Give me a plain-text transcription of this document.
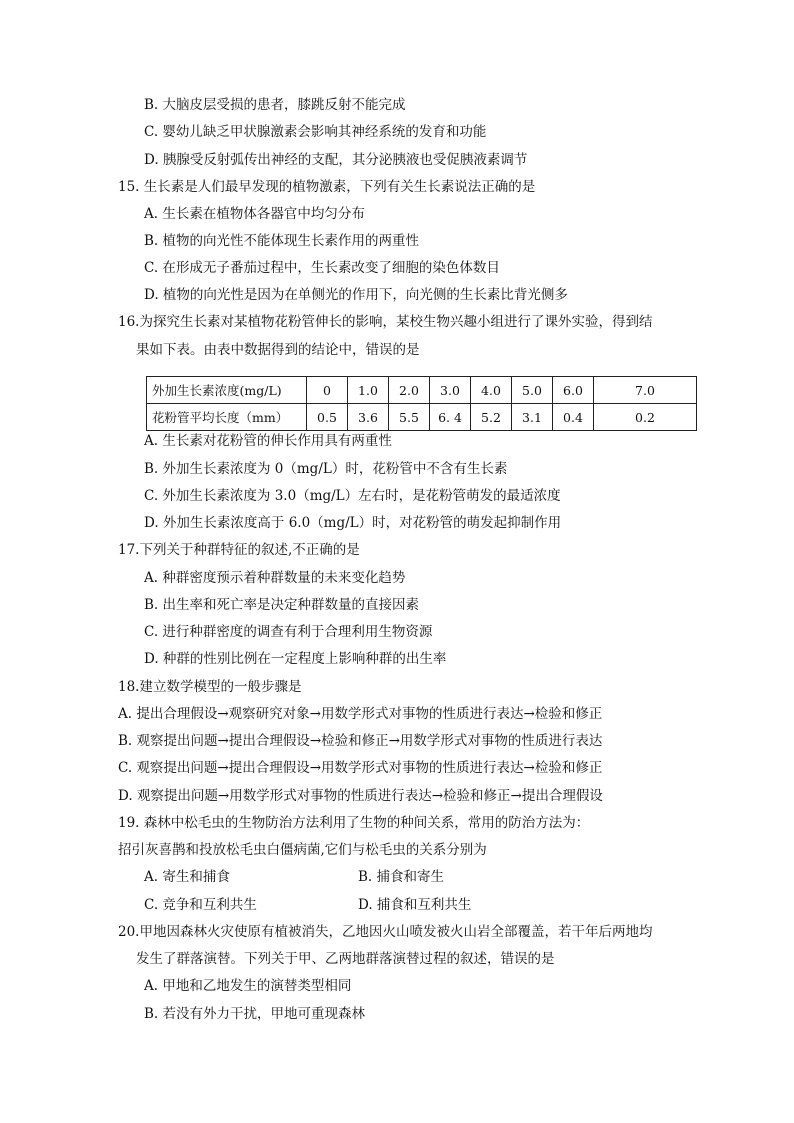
B. 大脑皮层受损的患者，膝跳反射不能完成
C. 婴幼儿缺乏甲状腺激素会影响其神经系统的发育和功能
D. 胰腺受反射弧传出神经的支配，其分泌胰液也受促胰液素调节
15. 生长素是人们最早发现的植物激素，下列有关生长素说法正确的是
A. 生长素在植物体各器官中均匀分布
B. 植物的向光性不能体现生长素作用的两重性
C. 在形成无子番茄过程中，生长素改变了细胞的染色体数目
D. 植物的向光性是因为在单侧光的作用下，向光侧的生长素比背光侧多
16.为探究生长素对某植物花粉管伸长的影响，某校生物兴趣小组进行了课外实验，得到结
果如下表。由表中数据得到的结论中，错误的是
外加生长素浓度(mg/L)	0	1.0	2.0	3.0	4.0	5.0	6.0	7.0
花粉管平均长度（mm）	0.5	3.6	5.5	6. 4	5.2	3.1	0.4	0.2
A. 生长素对花粉管的伸长作用具有两重性
B. 外加生长素浓度为 0（mg/L）时，花粉管中不含有生长素
C. 外加生长素浓度为 3.0（mg/L）左右时，是花粉管萌发的最适浓度
D. 外加生长素浓度高于 6.0（mg/L）时，对花粉管的萌发起抑制作用
17.下列关于种群特征的叙述,不正确的是
A. 种群密度预示着种群数量的未来变化趋势
B. 出生率和死亡率是决定种群数量的直接因素
C. 进行种群密度的调查有利于合理利用生物资源
D. 种群的性别比例在一定程度上影响种群的出生率
18.建立数学模型的一般步骤是
A. 提出合理假设→观察研究对象→用数学形式对事物的性质进行表达→检验和修正
B. 观察提出问题→提出合理假设→检验和修正→用数学形式对事物的性质进行表达
C. 观察提出问题→提出合理假设→用数学形式对事物的性质进行表达→检验和修正
D. 观察提出问题→用数学形式对事物的性质进行表达→检验和修正→提出合理假设
19. 森林中松毛虫的生物防治方法利用了生物的种间关系，常用的防治方法为：
招引灰喜鹊和投放松毛虫白僵病菌,它们与松毛虫的关系分别为
A. 寄生和捕食	B. 捕食和寄生
C. 竞争和互利共生	D. 捕食和互利共生
20.甲地因森林火灾使原有植被消失，乙地因火山喷发被火山岩全部覆盖，若干年后两地均
发生了群落演替。下列关于甲、乙两地群落演替过程的叙述，错误的是
A. 甲地和乙地发生的演替类型相同
B. 若没有外力干扰，甲地可重现森林
